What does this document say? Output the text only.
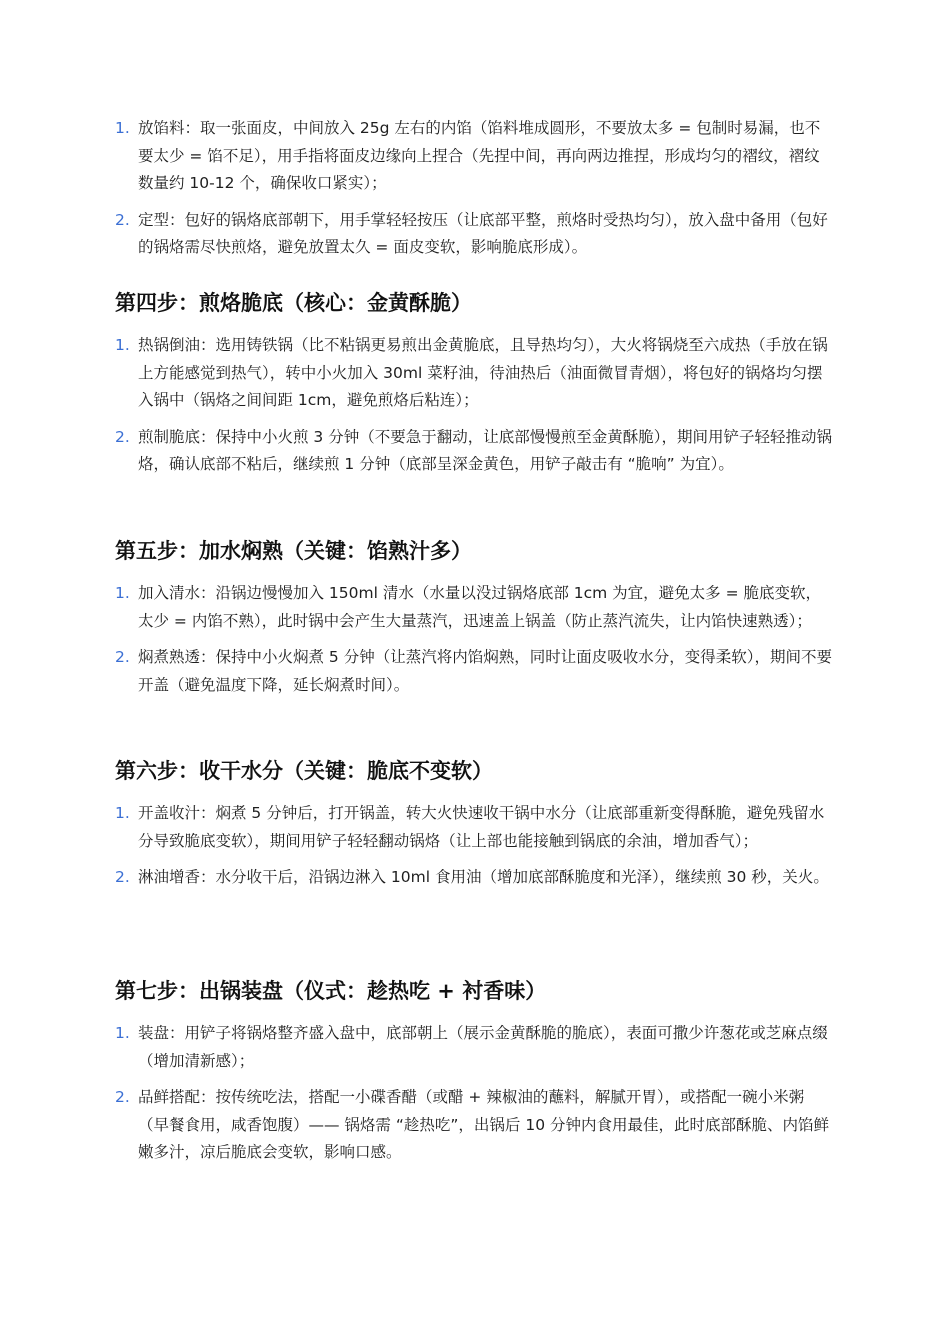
1. 放馅料：取一张面皮，中间放入 25g 左右的内馅（馅料堆成圆形，不要放太多 = 包制时易漏，也不要太少 = 馅不足），用手指将面皮边缘向上捏合（先捏中间，再向两边推捏，形成均匀的褶纹，褶纹数量约 10-12 个，确保收口紧实）；
2. 定型：包好的锅烙底部朝下，用手掌轻轻按压（让底部平整，煎烙时受热均匀），放入盘中备用（包好的锅烙需尽快煎烙，避免放置太久 = 面皮变软，影响脆底形成）。
第四步：煎烙脆底（核心：金黄酥脆）
1. 热锅倒油：选用铸铁锅（比不粘锅更易煎出金黄脆底，且导热均匀），大火将锅烧至六成热（手放在锅上方能感觉到热气），转中小火加入 30ml 菜籽油，待油热后（油面微冒青烟），将包好的锅烙均匀摆入锅中（锅烙之间间距 1cm，避免煎烙后粘连）；
2. 煎制脆底：保持中小火煎 3 分钟（不要急于翻动，让底部慢慢煎至金黄酥脆），期间用铲子轻轻推动锅烙，确认底部不粘后，继续煎 1 分钟（底部呈深金黄色，用铲子敲击有 “脆响” 为宜）。
第五步：加水焖熟（关键：馅熟汁多）
1. 加入清水：沿锅边慢慢加入 150ml 清水（水量以没过锅烙底部 1cm 为宜，避免太多 = 脆底变软，太少 = 内馅不熟），此时锅中会产生大量蒸汽，迅速盖上锅盖（防止蒸汽流失，让内馅快速熟透）；
2. 焖煮熟透：保持中小火焖煮 5 分钟（让蒸汽将内馅焖熟，同时让面皮吸收水分，变得柔软），期间不要开盖（避免温度下降，延长焖煮时间）。
第六步：收干水分（关键：脆底不变软）
1. 开盖收汁：焖煮 5 分钟后，打开锅盖，转大火快速收干锅中水分（让底部重新变得酥脆，避免残留水分导致脆底变软），期间用铲子轻轻翻动锅烙（让上部也能接触到锅底的余油，增加香气）；
2. 淋油增香：水分收干后，沿锅边淋入 10ml 食用油（增加底部酥脆度和光泽），继续煎 30 秒，关火。
第七步：出锅装盘（仪式：趁热吃 + 衬香味）
1. 装盘：用铲子将锅烙整齐盛入盘中，底部朝上（展示金黄酥脆的脆底），表面可撒少许葱花或芝麻点缀（增加清新感）；
2. 品鲜搭配：按传统吃法，搭配一小碟香醋（或醋 + 辣椒油的蘸料，解腻开胃），或搭配一碗小米粥（早餐食用，咸香饱腹）—— 锅烙需 “趁热吃”，出锅后 10 分钟内食用最佳，此时底部酥脆、内馅鲜嫩多汁，凉后脆底会变软，影响口感。
